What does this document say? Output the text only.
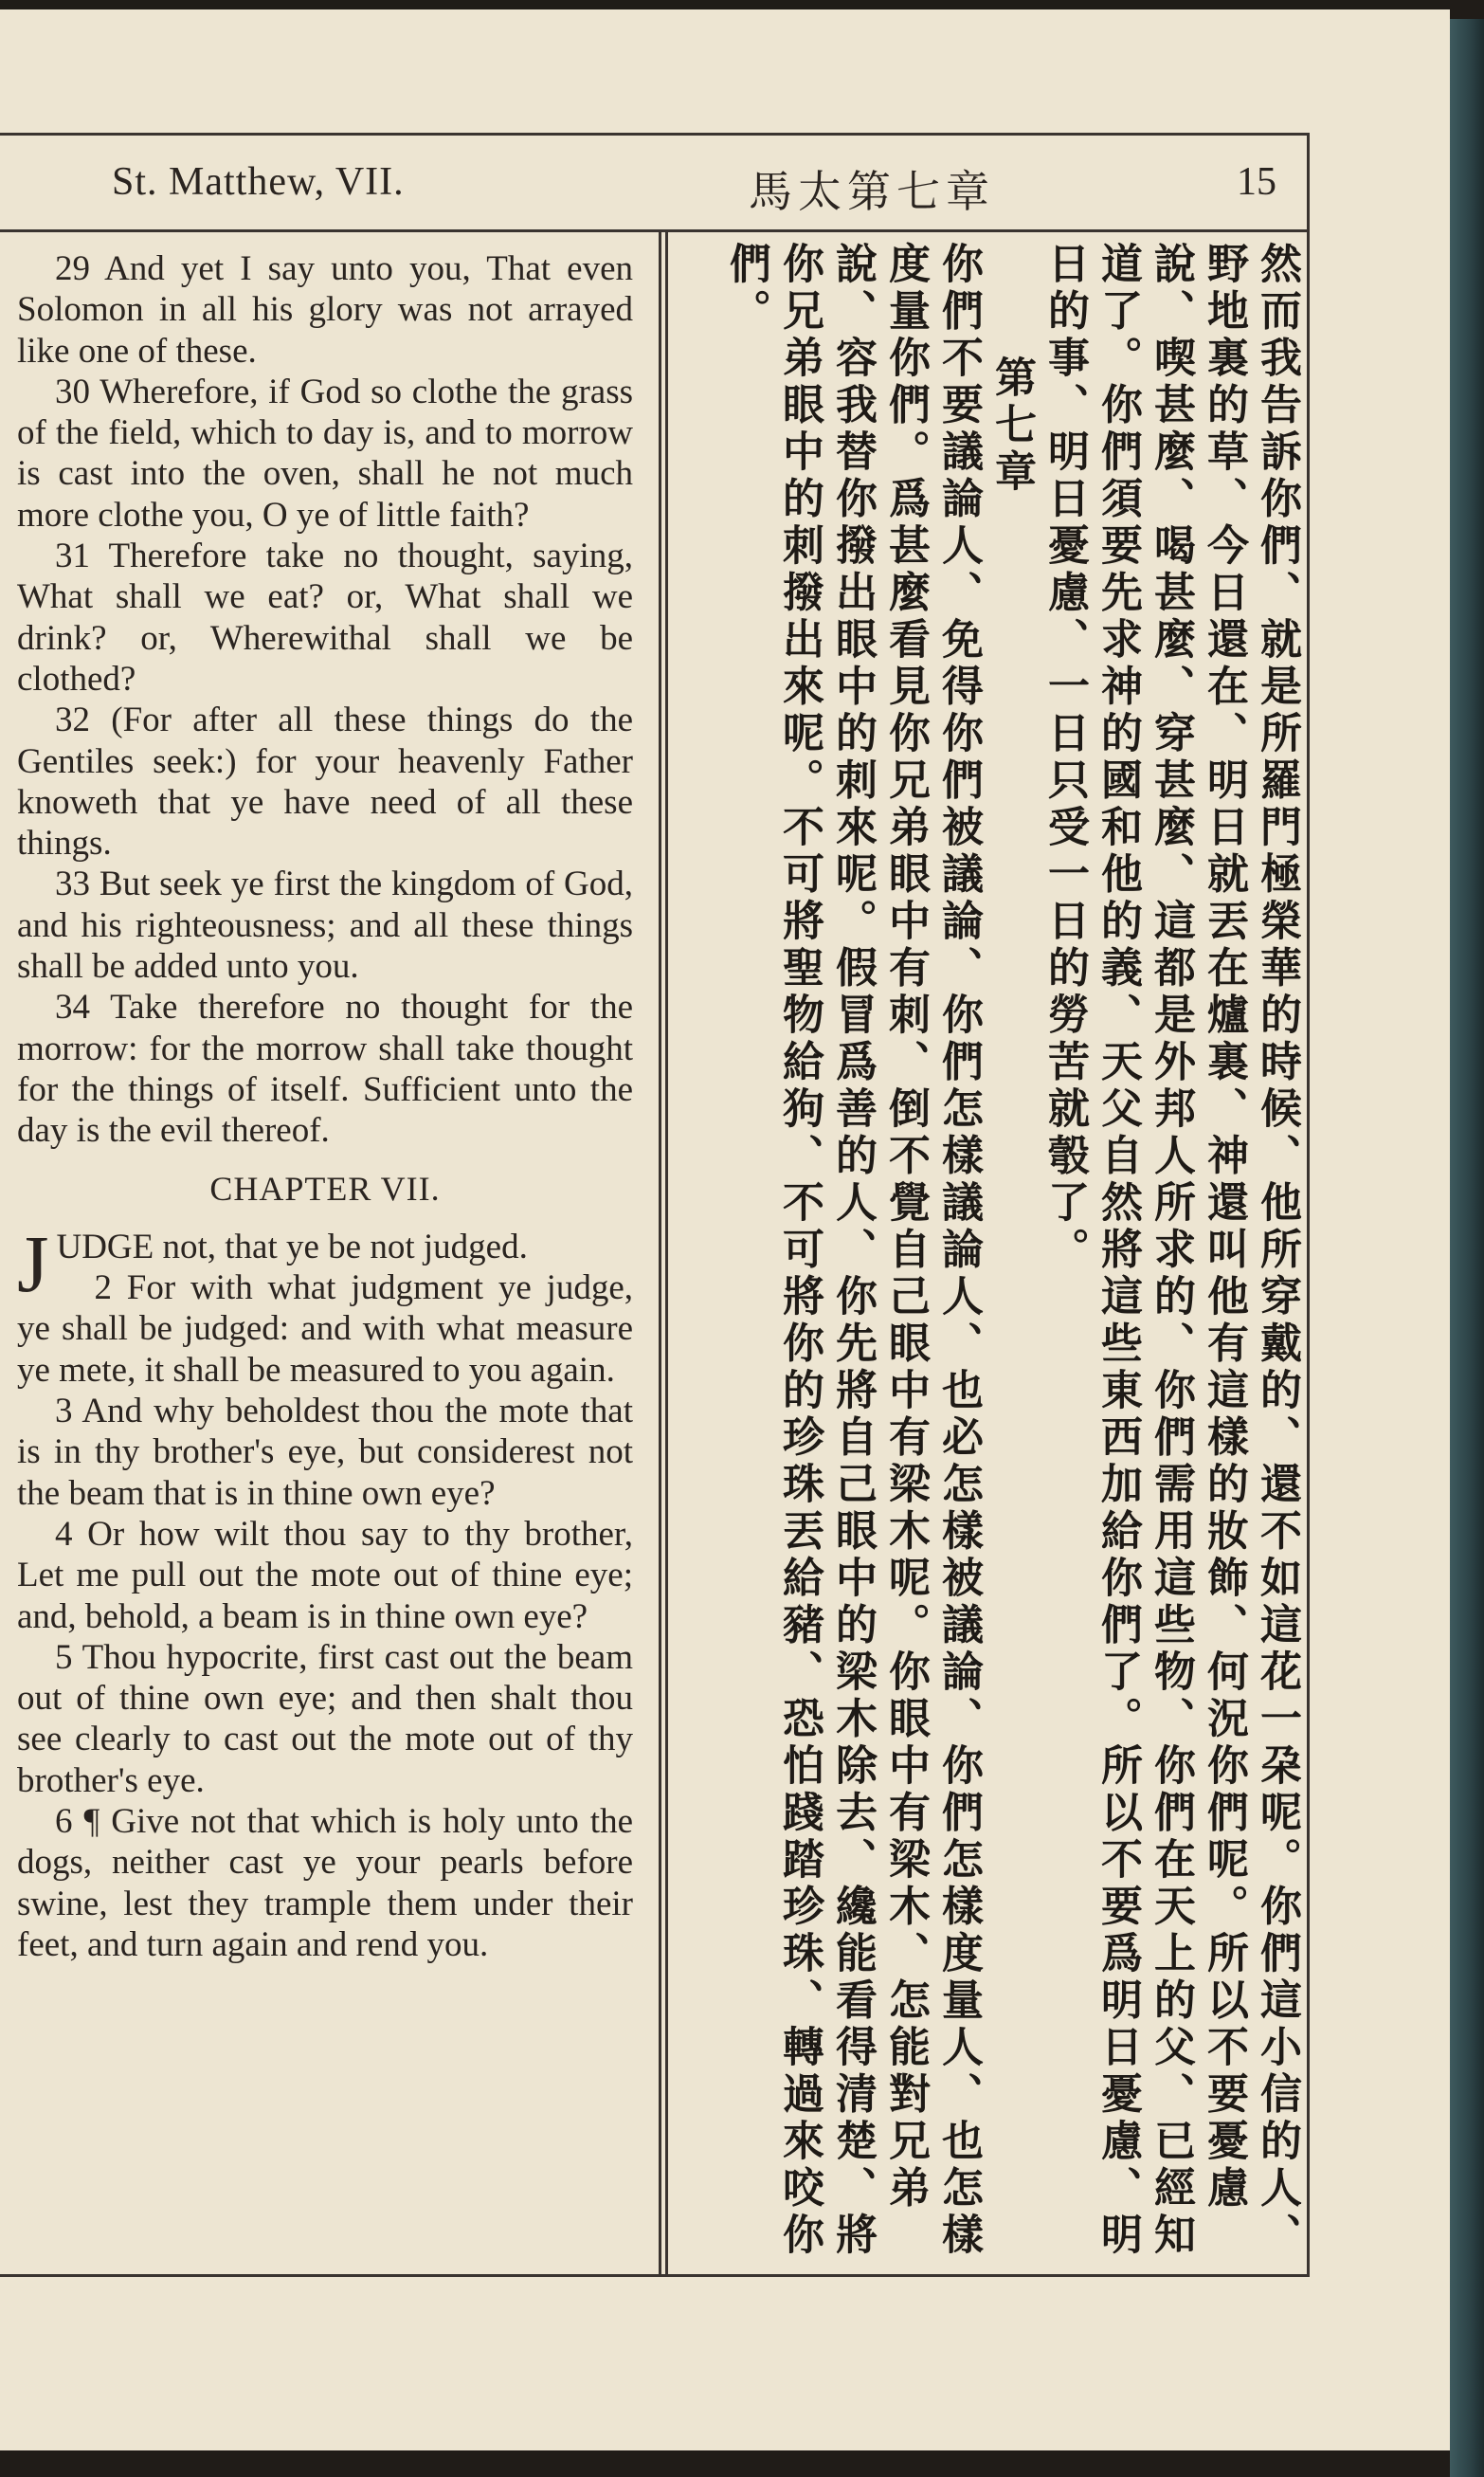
St. Matthew, VII.	馬太第七章	15

29 And yet I say unto you, That even Solomon in all his glory was not arrayed like one of these.

30 Wherefore, if God so clothe the grass of the field, which to day is, and to morrow is cast into the oven, shall he not much more clothe you, O ye of little faith?

31 Therefore take no thought, saying, What shall we eat? or, What shall we drink? or, Wherewithal shall we be clothed?

32 (For after all these things do the Gentiles seek:) for your heavenly Father knoweth that ye have need of all these things.

33 But seek ye first the kingdom of God, and his righteousness; and all these things shall be added unto you.

34 Take therefore no thought for the morrow: for the morrow shall take thought for the things of itself. Sufficient unto the day is the evil thereof.

CHAPTER VII.

JUDGE not, that ye be not judged.

2 For with what judgment ye judge, ye shall be judged: and with what measure ye mete, it shall be measured to you again.

3 And why beholdest thou the mote that is in thy brother's eye, but considerest not the beam that is in thine own eye?

4 Or how wilt thou say to thy brother, Let me pull out the mote out of thine eye; and, behold, a beam is in thine own eye?

5 Thou hypocrite, first cast out the beam out of thine own eye; and then shalt thou see clearly to cast out the mote out of thy brother's eye.

6 ¶ Give not that which is holy unto the dogs, neither cast ye your pearls before swine, lest they trample them under their feet, and turn again and rend you.	然而我告訴你們、就是所羅門極榮華的時候、他所穿戴的、還不如這花一朶呢。你們這小信的人、野地裏的草、今日還在、明日就丟在爐裏、神還叫他有這樣的妝飾、何況你們呢。所以不要憂慮說、喫甚麼、喝甚麼、穿甚麼、這都是外邦人所求的、你們需用這些物、你們在天上的父、已經知道了。你們須要先求神的國和他的義、天父自然將這些東西加給你們了。所以不要爲明日憂慮、明日的事、明日憂慮、一日只受一日的勞苦就彀了。

第七章

你們不要議論人、免得你們被議論、你們怎樣議論人、也必怎樣被議論、你們怎樣度量人、也怎樣度量你們。爲甚麼看見你兄弟眼中有刺、倒不覺自己眼中有梁木呢。你眼中有梁木、怎能對兄弟說、容我替你撥出眼中的刺來呢。假冒爲善的人、你先將自己眼中的梁木除去、纔能看得清楚、將你兄弟眼中的刺撥出來呢。不可將聖物給狗、不可將你的珍珠丟給豬、恐怕踐踏珍珠、轉過來咬你們。
